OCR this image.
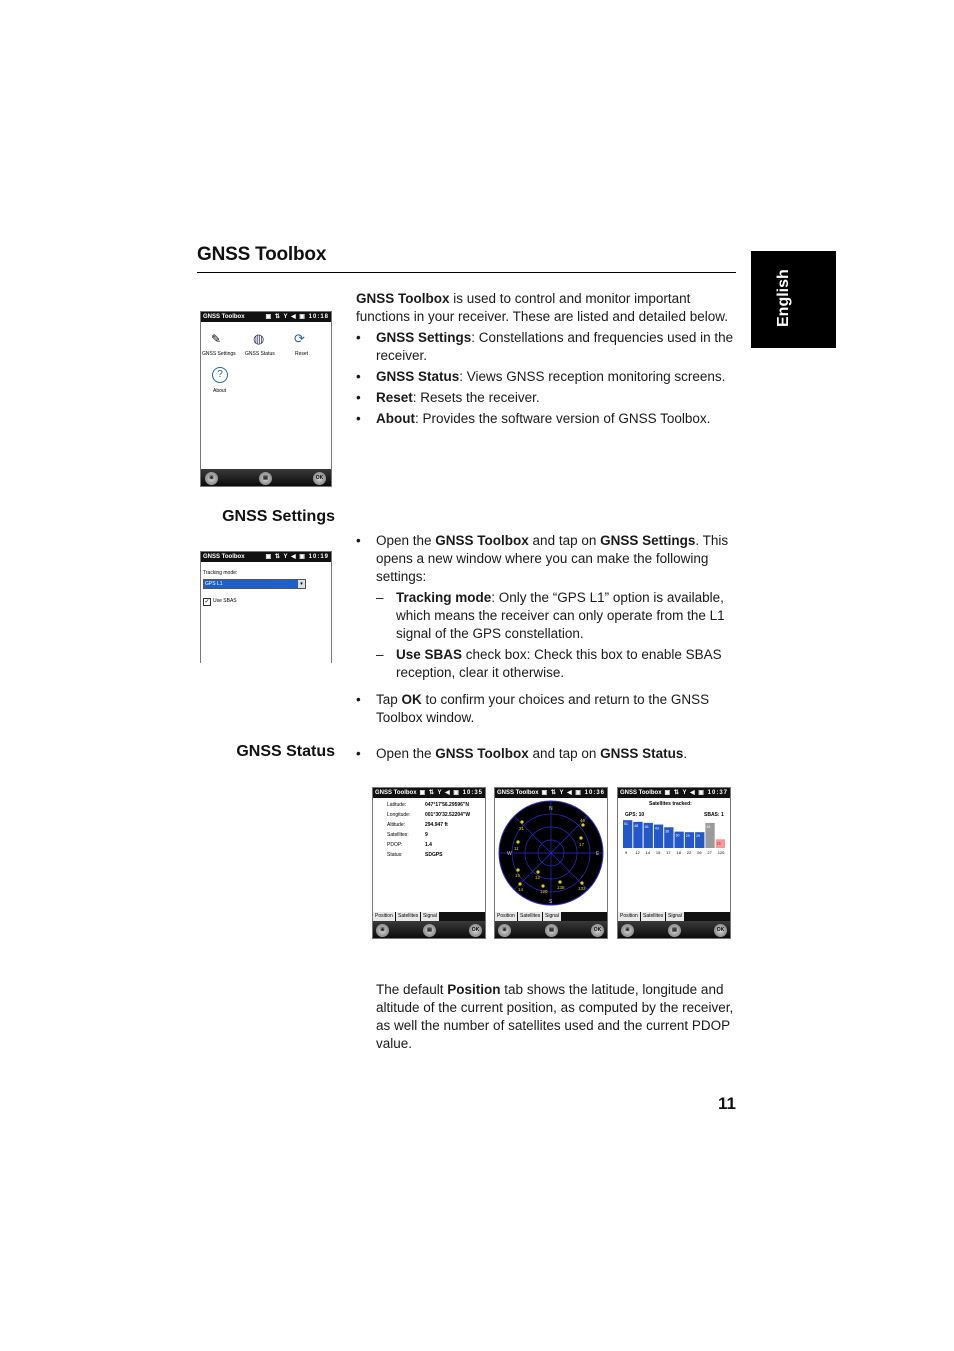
GNSS Toolbox
English
GNSS Toolbox is used to control and monitor important functions in your receiver. These are listed and detailed below.
• GNSS Settings: Constellations and frequencies used in the receiver.
• GNSS Status: Views GNSS reception monitoring screens.
• Reset: Resets the receiver.
• About: Provides the software version of GNSS Toolbox.
GNSS Toolbox	▣ ⇅ Y ◀ ▣ 10:18
✎ ◍ ⟳
GNSS Settings GNSS Status	Reset
?
About
⊞	▤	OK
GNSS Settings
GNSS Toolbox	▣ ⇅ Y ◀ ▣ 10:19
Tracking mode:
GPS L1	▾
✓ Use SBAS
• Open the GNSS Toolbox and tap on GNSS Settings. This opens a new window where you can make the following settings:
– Tracking mode: Only the “GPS L1” option is available, which means the receiver can only operate from the L1 signal of the GPS constellation.
– Use SBAS check box: Check this box to enable SBAS reception, clear it otherwise.
• Tap OK to confirm your choices and return to the GNSS Toolbox window.
GNSS Status
•	Open the GNSS Toolbox and tap on GNSS Status.
GNSS Toolbox ▣ ⇅ Y ◀ ▣ 10:35
Latitude:	047°17'56.29596"N
Longitude:	001°30'32.52204"W
Altitude:	294.947 ft
Satellites:	9
PDOP:	1.4
Status:	SDGPS
Position	Satellites Signal
⊞	▤	OK
GNSS Toolbox ▣ ⇅ Y ◀ ▣ 10:36
N
E
S
W
31
46
17
11
12
15
133
120
138
14
Position	Satellites Signal
⊞	▤	OK
GNSS Toolbox ▣ ⇅ Y ◀ ▣ 10:37
Satellites tracked:
GPS: 10	SBAS: 1
51
9
48
12
46
14
43
15
38
17
30
18
29
22
29
26
46
27
16
120
Position	Satellites Signal
⊞	▤	OK
The default Position tab shows the latitude, longitude and altitude of the current position, as computed by the receiver, as well the number of satellites used and the current PDOP value.
11
